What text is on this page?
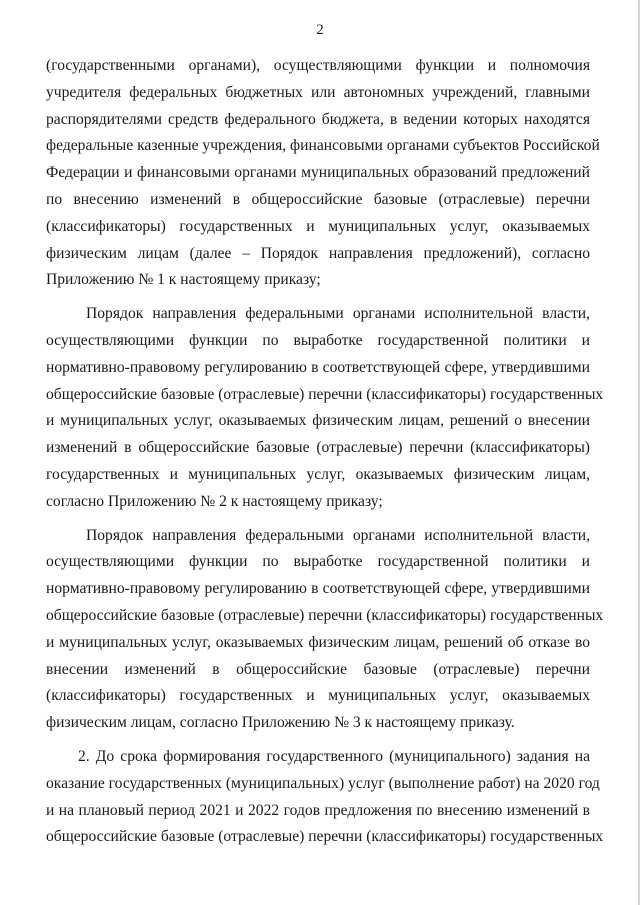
2
(государственными органами), осуществляющими функции и полномочия
учредителя федеральных бюджетных или автономных учреждений, главными
распорядителями средств федерального бюджета, в ведении которых находятся
федеральные казенные учреждения, финансовыми органами субъектов Российской
Федерации и финансовыми органами муниципальных образований предложений
по внесению изменений в общероссийские базовые (отраслевые) перечни
(классификаторы) государственных и муниципальных услуг, оказываемых
физическим лицам (далее – Порядок направления предложений), согласно
Приложению № 1 к настоящему приказу;
Порядок направления федеральными органами исполнительной власти,
осуществляющими функции по выработке государственной политики и
нормативно-правовому регулированию в соответствующей сфере, утвердившими
общероссийские базовые (отраслевые) перечни (классификаторы) государственных
и муниципальных услуг, оказываемых физическим лицам, решений о внесении
изменений в общероссийские базовые (отраслевые) перечни (классификаторы)
государственных и муниципальных услуг, оказываемых физическим лицам,
согласно Приложению № 2 к настоящему приказу;
Порядок направления федеральными органами исполнительной власти,
осуществляющими функции по выработке государственной политики и
нормативно-правовому регулированию в соответствующей сфере, утвердившими
общероссийские базовые (отраслевые) перечни (классификаторы) государственных
и муниципальных услуг, оказываемых физическим лицам, решений об отказе во
внесении изменений в общероссийские базовые (отраслевые) перечни
(классификаторы) государственных и муниципальных услуг, оказываемых
физическим лицам, согласно Приложению № 3 к настоящему приказу.
2. До срока формирования государственного (муниципального) задания на
оказание государственных (муниципальных) услуг (выполнение работ) на 2020 год
и на плановый период 2021 и 2022 годов предложения по внесению изменений в
общероссийские базовые (отраслевые) перечни (классификаторы) государственных
